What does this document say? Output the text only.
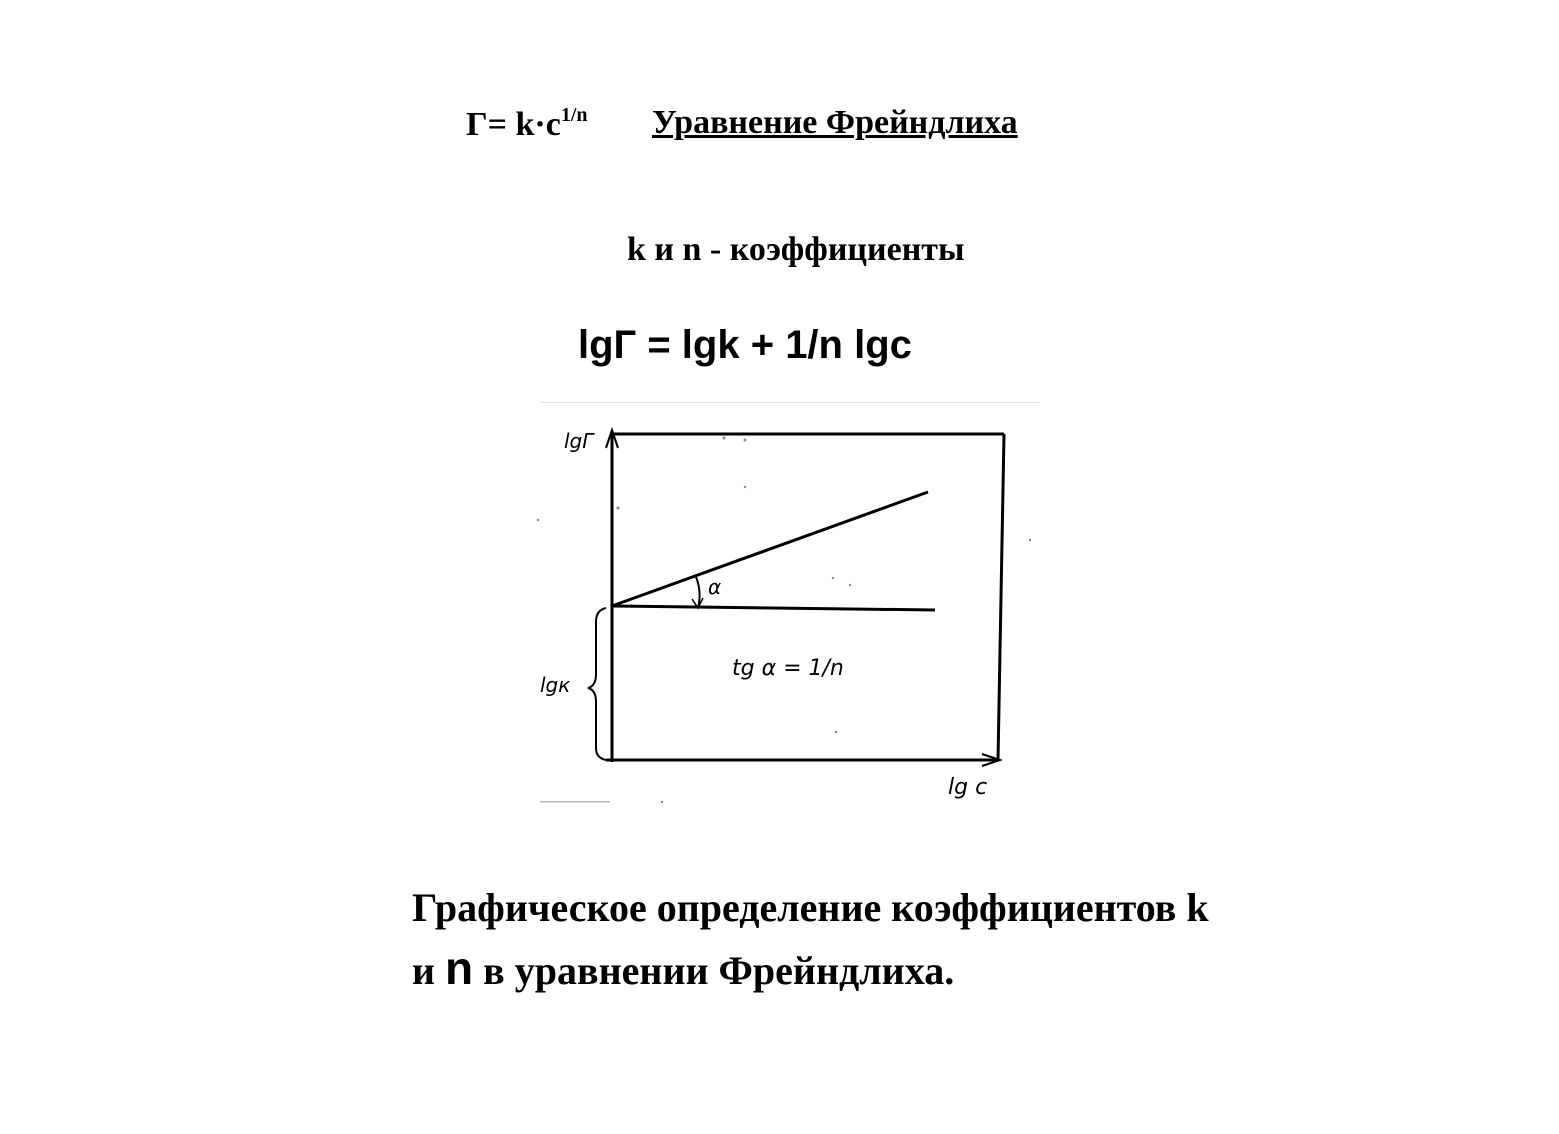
$Г= k\cdot c^{1/n}$ Уравнение Фрейндлиха
k и n - коэффициенты
lgГ = lgk + 1/n lgc
lgГ
lg c
lgк
α
tg α = 1/n
Графическое определение коэффициентов k
и n в уравнении Фрейндлиха.
